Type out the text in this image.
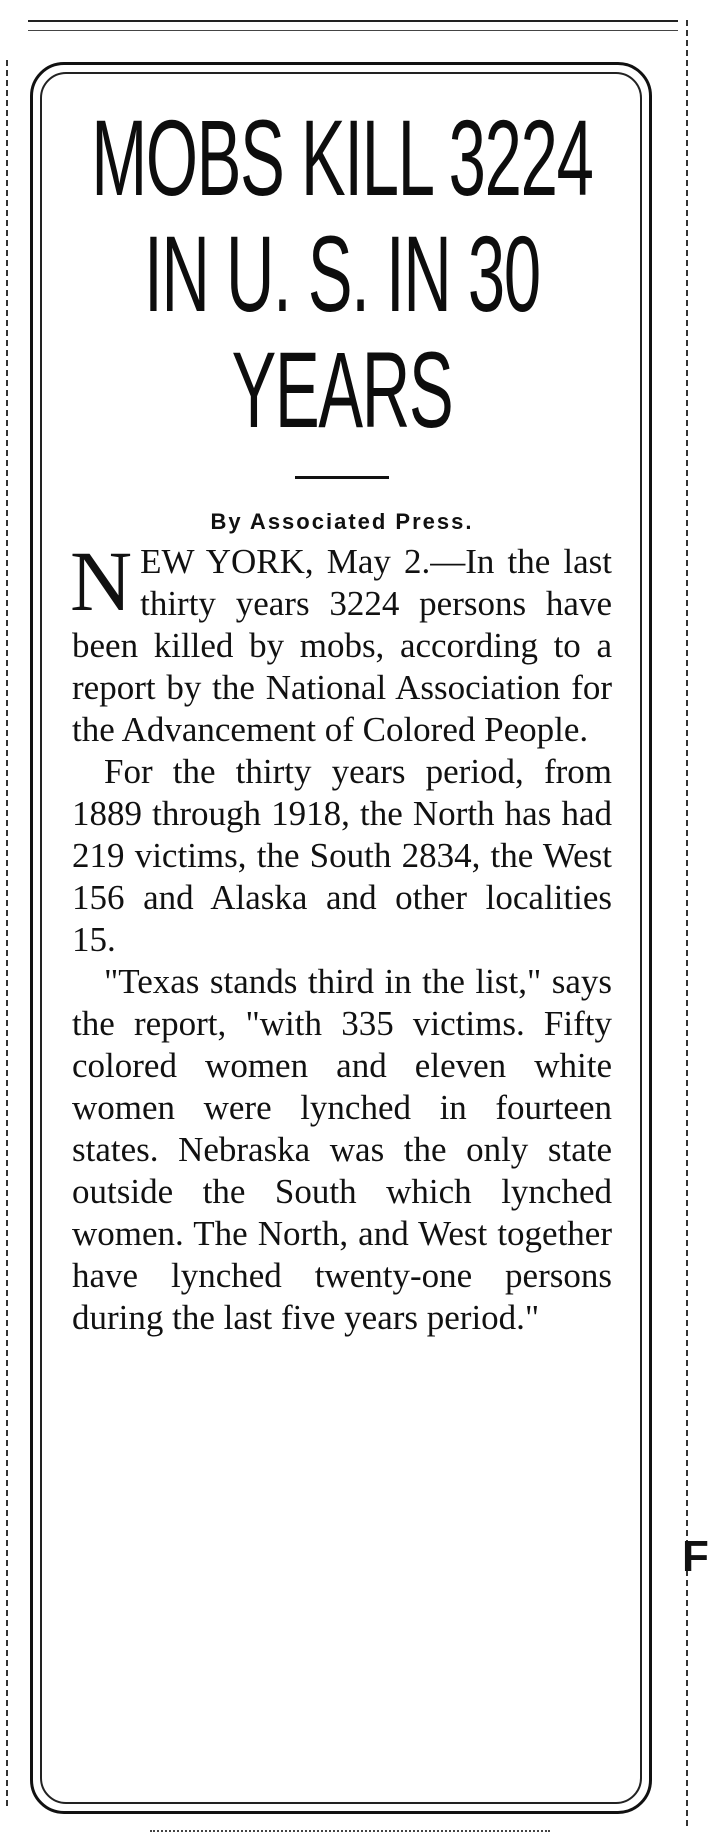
F
MOBS KILL 3224 IN U. S. IN 30 YEARS
By Associated Press.

NEW YORK, May 2.—In the last thirty years 3224 persons have been killed by mobs, according to a report by the National Association for the Advancement of Colored People.

For the thirty years period, from 1889 through 1918, the North has had 219 victims, the South 2834, the West 156 and Alaska and other localities 15.

"Texas stands third in the list," says the report, "with 335 victims. Fifty colored women and eleven white women were lynched in fourteen states. Nebraska was the only state outside the South which lynched women. The North, and West together have lynched twenty-one persons during the last five years period."
